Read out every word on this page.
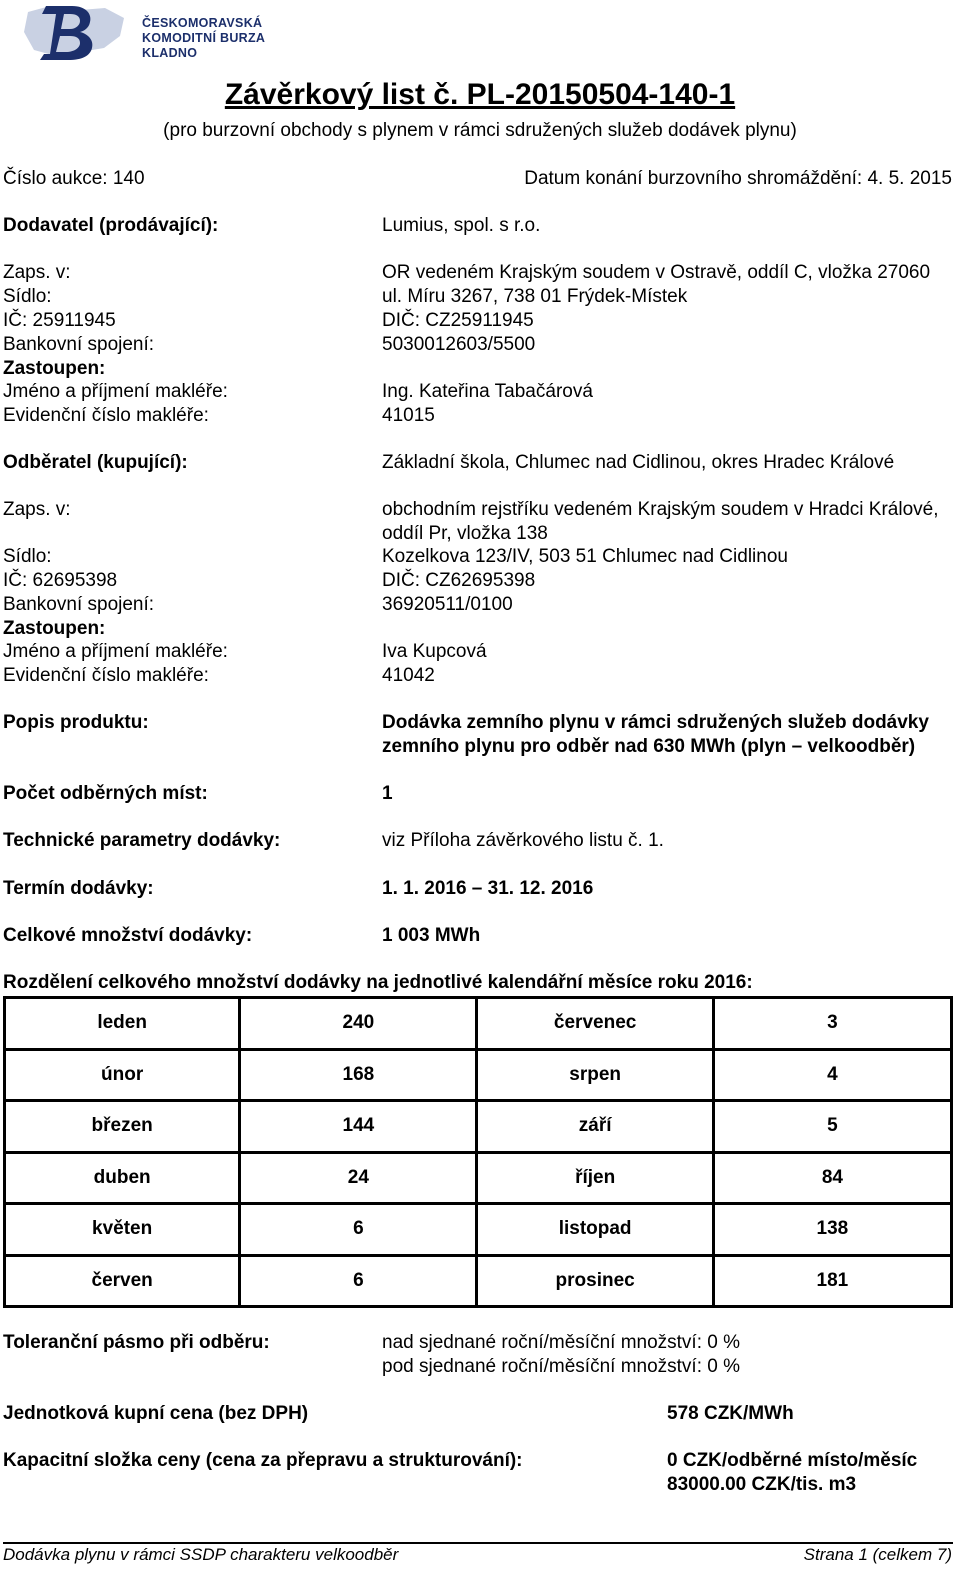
ČESKOMORAVSKÁ
KOMODITNÍ BURZA KLADNO
Závěrkový list č. PL-20150504-140-1
(pro burzovní obchody s plynem v rámci sdružených služeb dodávek plynu)
Číslo aukce: 140	Datum konání burzovního shromáždění: 4. 5. 2015
Dodavatel (prodávající):	Lumius, spol. s r.o.
Zaps. v:	OR vedeném Krajským soudem v Ostravě, oddíl C, vložka 27060
Sídlo:	ul. Míru 3267, 738 01 Frýdek-Místek
IČ: 25911945	DIČ: CZ25911945
Bankovní spojení:	5030012603/5500
Zastoupen:
Jméno a příjmení makléře:	Ing. Kateřina Tabačárová
Evidenční číslo makléře:	41015
Odběratel (kupující):	Základní škola, Chlumec nad Cidlinou, okres Hradec Králové
Zaps. v:	obchodním rejstříku vedeném Krajským soudem v Hradci Králové,
oddíl Pr, vložka 138
Sídlo:	Kozelkova 123/IV, 503 51 Chlumec nad Cidlinou
IČ: 62695398	DIČ: CZ62695398
Bankovní spojení:	36920511/0100
Zastoupen:
Jméno a příjmení makléře:	Iva Kupcová
Evidenční číslo makléře:	41042
Popis produktu:	Dodávka zemního plynu v rámci sdružených služeb dodávky
zemního plynu pro odběr nad 630 MWh (plyn – velkoodběr)
Počet odběrných míst:	1
Technické parametry dodávky:	viz Příloha závěrkového listu č. 1.
Termín dodávky:	1. 1. 2016 – 31. 12. 2016
Celkové množství dodávky:	1 003 MWh
Rozdělení celkového množství dodávky na jednotlivé kalendářní měsíce roku 2016:
leden	240	červenec	3
únor	168	srpen	4
březen	144	září	5
duben	24	říjen	84
květen	6	listopad	138
červen	6	prosinec	181
Toleranční pásmo při odběru:	nad sjednané roční/měsíční množství: 0 %
pod sjednané roční/měsíční množství: 0 %
Jednotková kupní cena (bez DPH)	578 CZK/MWh
Kapacitní složka ceny (cena za přepravu a strukturování):	0 CZK/odběrné místo/měsíc
83000.00 CZK/tis. m3
Dodávka plynu v rámci SSDP charakteru velkoodběr	Strana 1 (celkem 7)
